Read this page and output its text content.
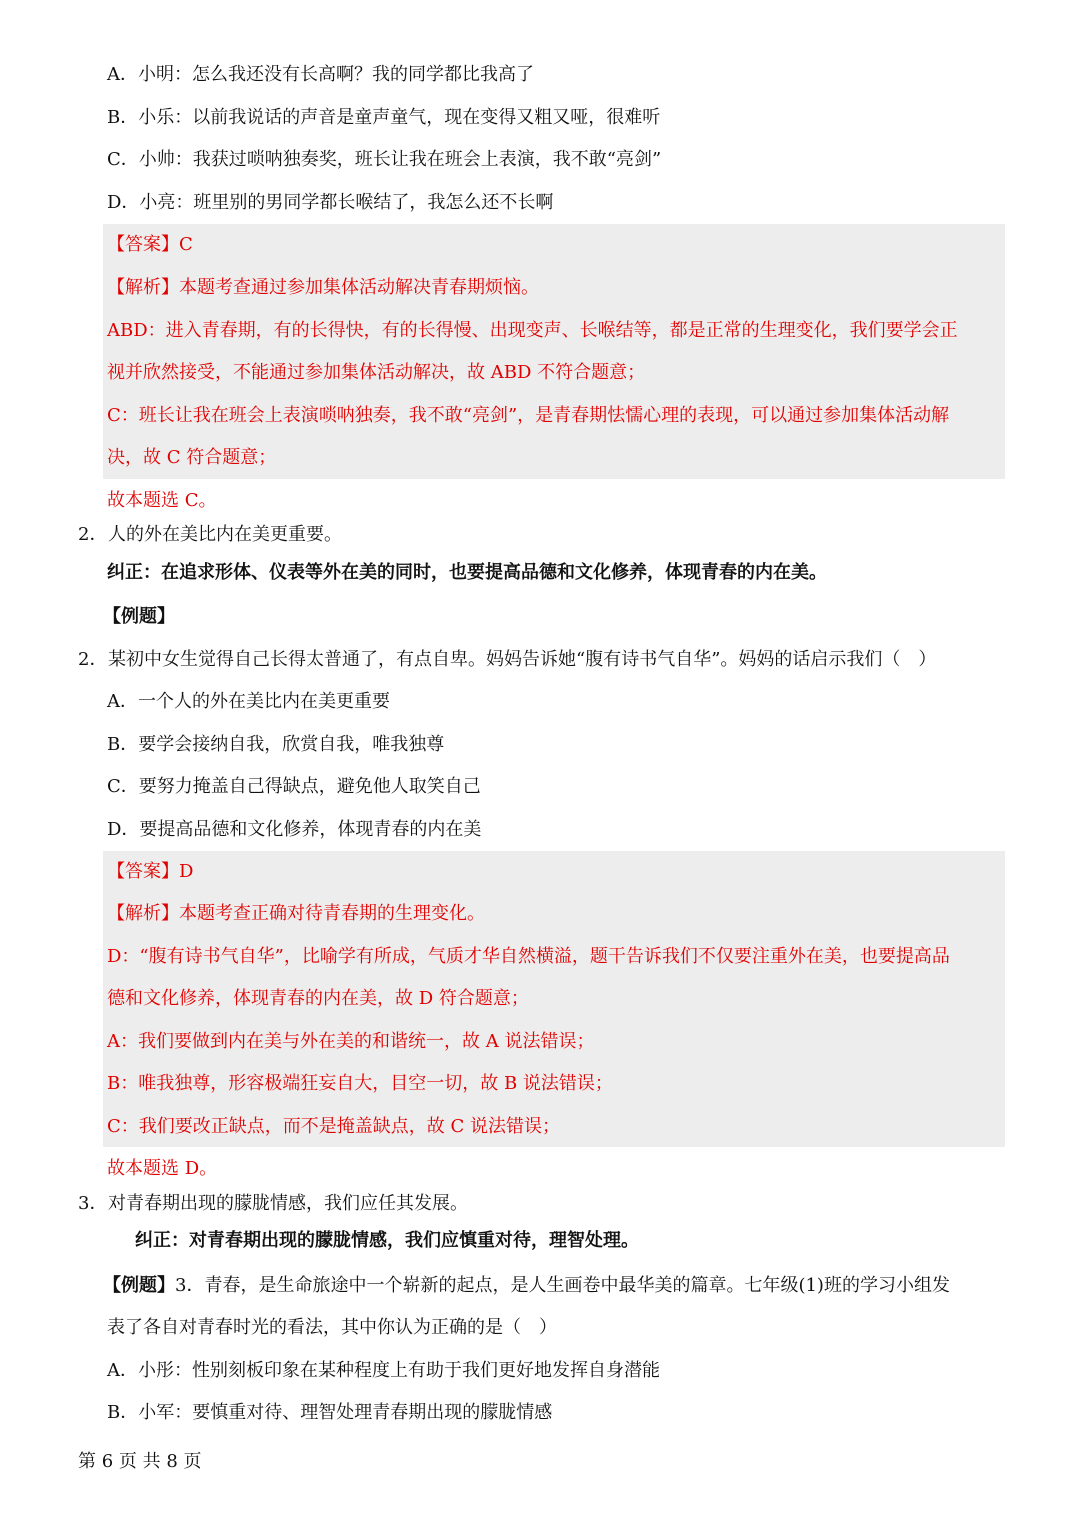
A．小明：怎么我还没有长高啊？我的同学都比我高了
B．小乐：以前我说话的声音是童声童气，现在变得又粗又哑，很难听
C．小帅：我获过唢呐独奏奖，班长让我在班会上表演，我不敢“亮剑”
D．小亮：班里别的男同学都长喉结了，我怎么还不长啊
【答案】C
【解析】本题考查通过参加集体活动解决青春期烦恼。
ABD：进入青春期，有的长得快，有的长得慢、出现变声、长喉结等，都是正常的生理变化，我们要学会正
视并欣然接受，不能通过参加集体活动解决，故 ABD 不符合题意；
C：班长让我在班会上表演唢呐独奏，我不敢“亮剑”，是青春期怯懦心理的表现，可以通过参加集体活动解
决，故 C 符合题意；
故本题选 C。
2．人的外在美比内在美更重要。
纠正：在追求形体、仪表等外在美的同时，也要提高品德和文化修养，体现青春的内在美。
【例题】
2．某初中女生觉得自己长得太普通了，有点自卑。妈妈告诉她“腹有诗书气自华”。妈妈的话启示我们（　）
A．一个人的外在美比内在美更重要
B．要学会接纳自我，欣赏自我，唯我独尊
C．要努力掩盖自己得缺点，避免他人取笑自己
D．要提高品德和文化修养，体现青春的内在美
【答案】D
【解析】本题考查正确对待青春期的生理变化。
D：“腹有诗书气自华”，比喻学有所成，气质才华自然横溢，题干告诉我们不仅要注重外在美，也要提高品
德和文化修养，体现青春的内在美，故 D 符合题意；
A：我们要做到内在美与外在美的和谐统一，故 A 说法错误；
B：唯我独尊，形容极端狂妄自大，目空一切，故 B 说法错误；
C：我们要改正缺点，而不是掩盖缺点，故 C 说法错误；
故本题选 D。
3．对青春期出现的朦胧情感，我们应任其发展。
纠正：对青春期出现的朦胧情感，我们应慎重对待，理智处理。
【例题】3．青春，是生命旅途中一个崭新的起点，是人生画卷中最华美的篇章。七年级(1)班的学习小组发
表了各自对青春时光的看法，其中你认为正确的是（　）
A．小彤：性别刻板印象在某种程度上有助于我们更好地发挥自身潜能
B．小军：要慎重对待、理智处理青春期出现的朦胧情感
第 6 页 共 8 页
